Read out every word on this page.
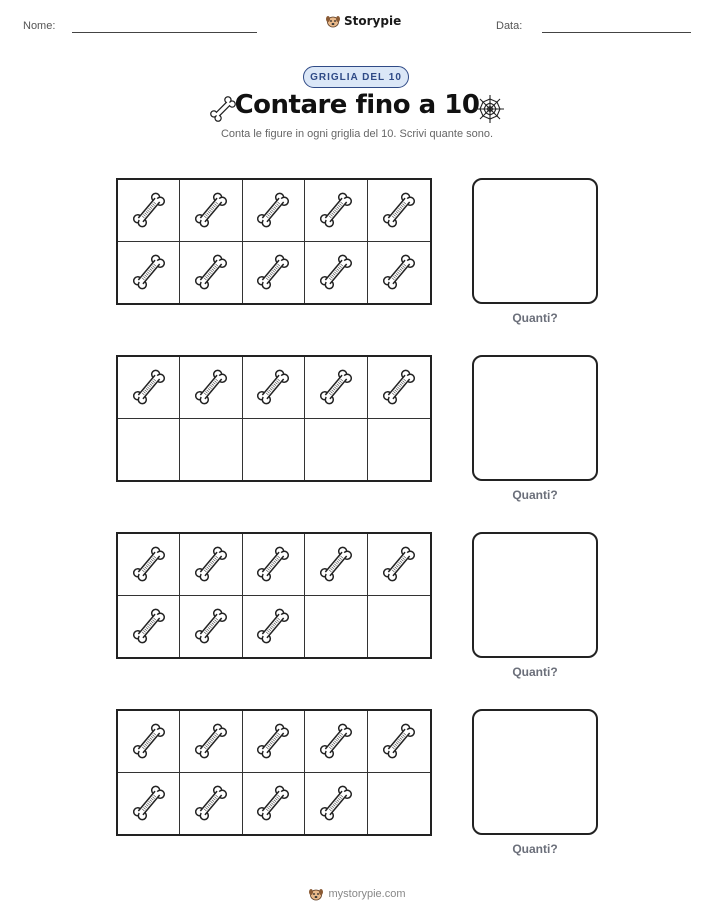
Nome:	Storypie	Data:
GRIGLIA DEL 10
Contare fino a 10
Conta le figure in ogni griglia del 10. Scrivi quante sono.
Quanti?
Quanti?
Quanti?
Quanti?
mystorypie.com
